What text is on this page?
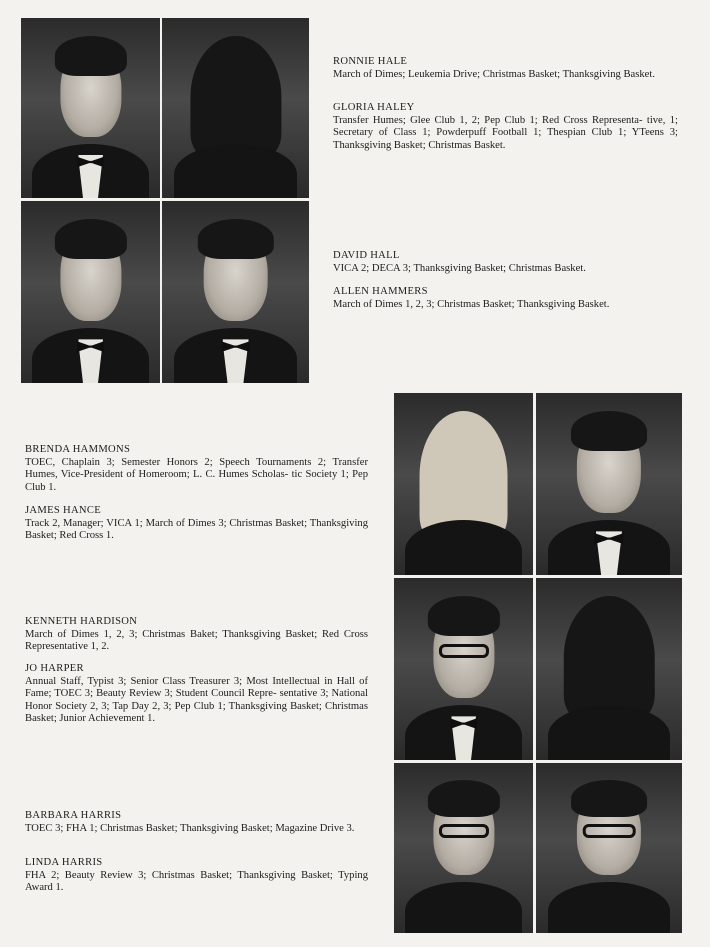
RONNIE HALE
March of Dimes; Leukemia Drive; Christmas Basket; Thanksgiving Basket.
GLORIA HALEY
Transfer Humes; Glee Club 1, 2; Pep Club 1; Red Cross Representa- tive, 1; Secretary of Class 1; Powderpuff Football 1; Thespian Club 1; YTeens 3; Thanksgiving Basket; Christmas Basket.
DAVID HALL
VICA 2; DECA 3; Thanksgiving Basket; Christmas Basket.
ALLEN HAMMERS
March of Dimes 1, 2, 3; Christmas Basket; Thanksgiving Basket.
BRENDA HAMMONS
TOEC, Chaplain 3; Semester Honors 2; Speech Tournaments 2; Transfer Humes, Vice-President of Homeroom; L. C. Humes Scholas- tic Society 1; Pep Club 1.
JAMES HANCE
Track 2, Manager; VICA 1; March of Dimes 3; Christmas Basket; Thanksgiving Basket; Red Cross 1.
KENNETH HARDISON
March of Dimes 1, 2, 3; Christmas Baket; Thanksgiving Basket; Red Cross Representative 1, 2.
JO HARPER
Annual Staff, Typist 3; Senior Class Treasurer 3; Most Intellectual in Hall of Fame; TOEC 3; Beauty Review 3; Student Council Repre- sentative 3; National Honor Society 2, 3; Tap Day 2, 3; Pep Club 1; Thanksgiving Basket; Christmas Basket; Junior Achievement 1.
BARBARA HARRIS
TOEC 3; FHA 1; Christmas Basket; Thanksgiving Basket; Magazine Drive 3.
LINDA HARRIS
FHA 2; Beauty Review 3; Christmas Basket; Thanksgiving Basket; Typing Award 1.
